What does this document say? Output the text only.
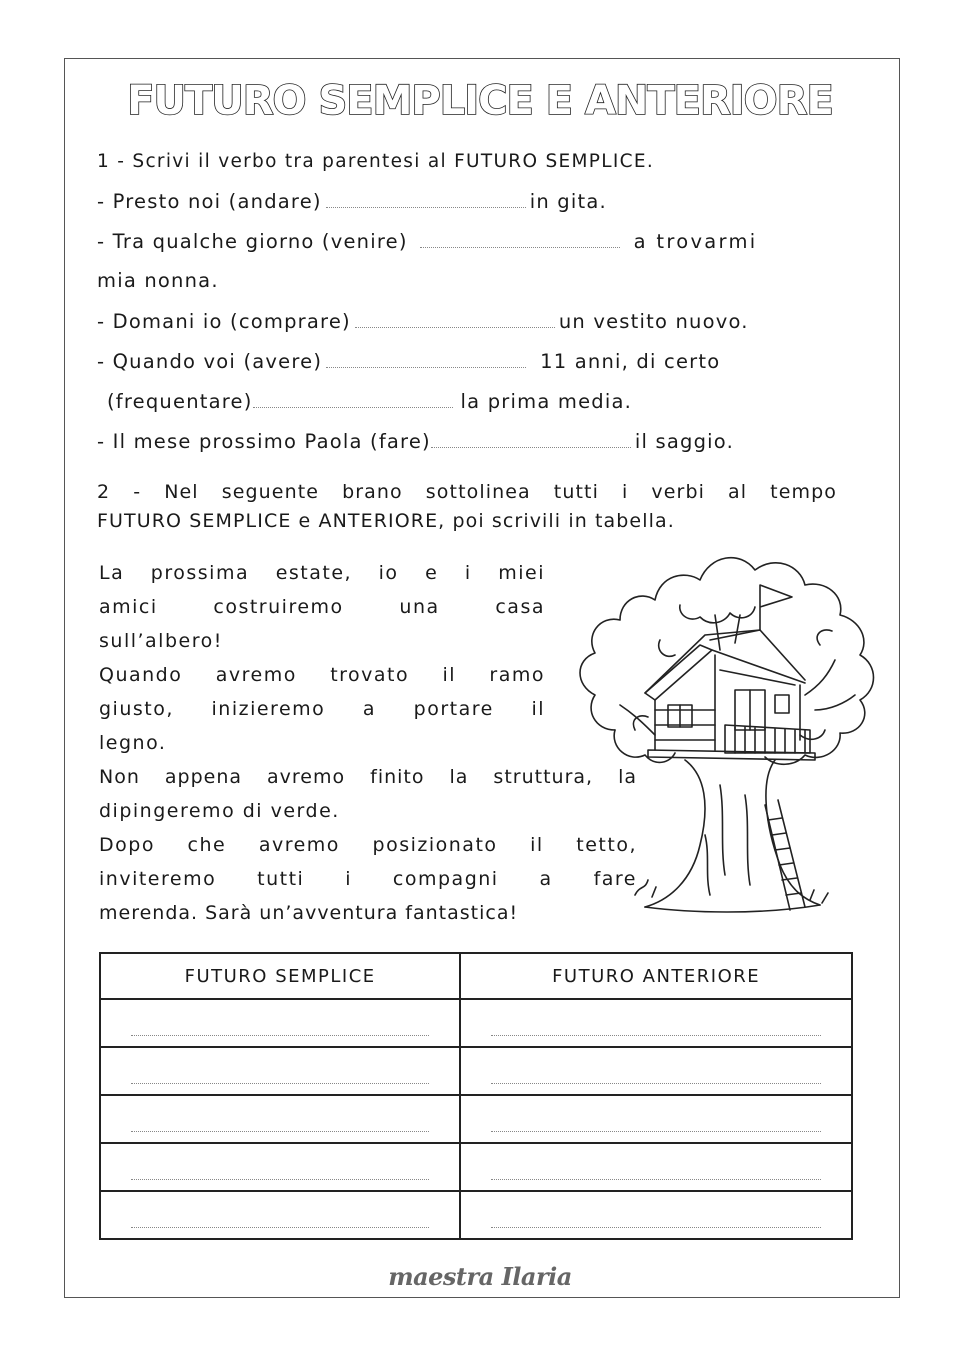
FUTURO SEMPLICE E ANTERIORE
1 - Scrivi il verbo tra parentesi al FUTURO SEMPLICE.
- Presto noi (andare)	in gita.
- Tra qualche giorno (venire)	a trovarmi
mia nonna.
- Domani io (comprare)	un vestito nuovo.
- Quando voi (avere)	11 anni, di certo
(frequentare)	la prima media.
- Il mese prossimo Paola (fare)	il saggio.
2 - Nel seguente brano sottolinea tutti i verbi al tempo
FUTURO SEMPLICE e ANTERIORE, poi scrivili in tabella.
La prossima estate, io e i miei
amici costruiremo una casa
sull’albero!
Quando avremo trovato il ramo
giusto, inizieremo a portare il
legno.
Non appena avremo finito la struttura, la
dipingeremo di verde.
Dopo che avremo posizionato il tetto,
inviteremo tutti i compagni a fare
merenda. Sarà un’avventura fantastica!
FUTURO SEMPLICE	FUTURO ANTERIORE

maestra Ilaria
